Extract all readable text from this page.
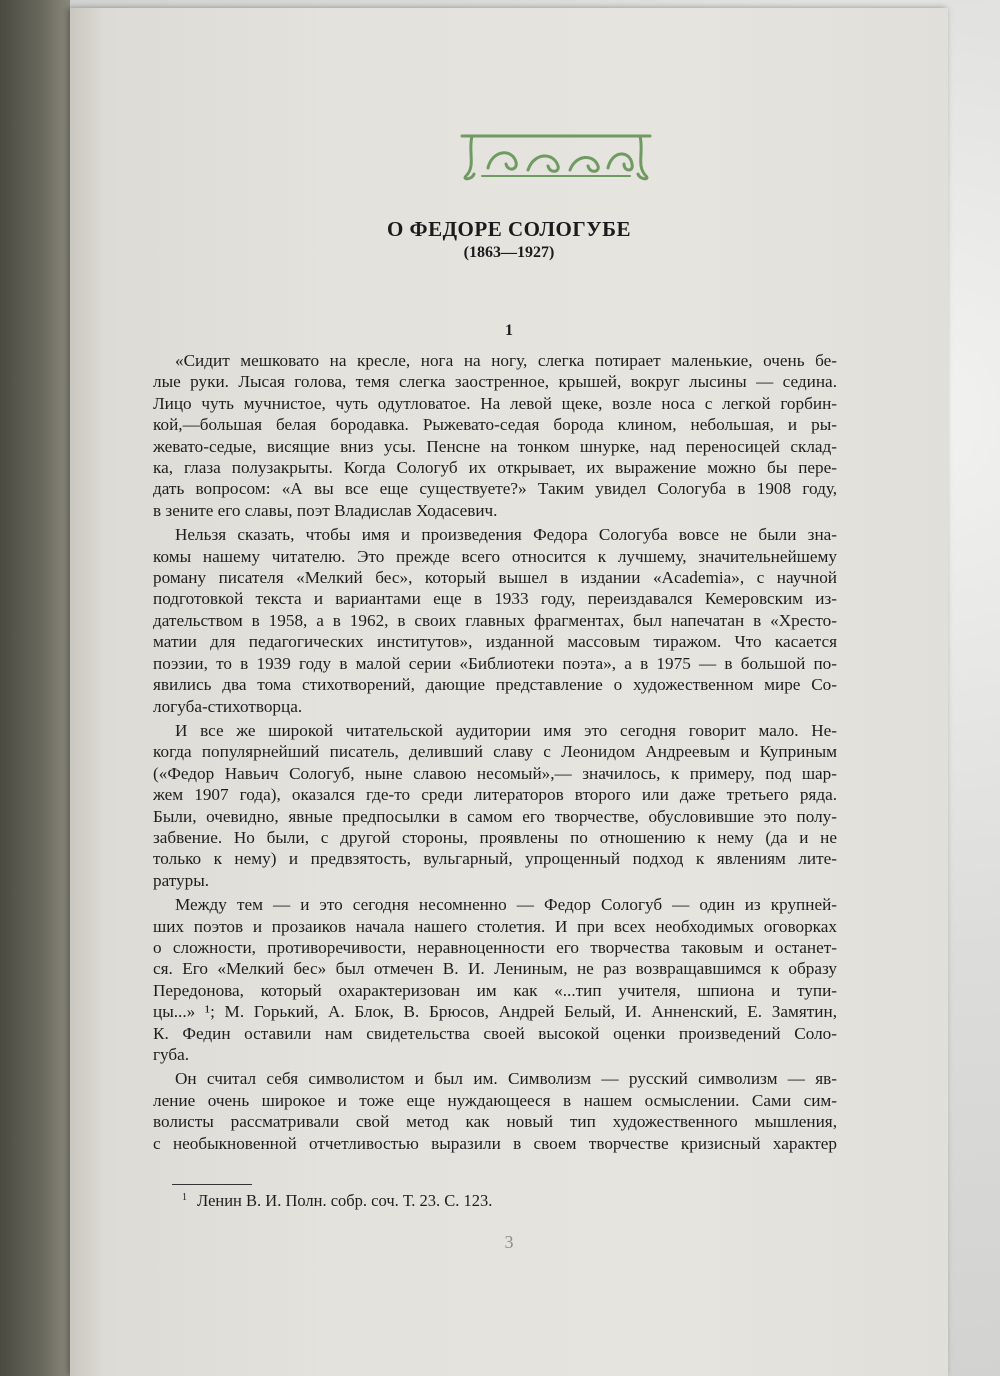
О ФЕДОРЕ СОЛОГУБЕ
(1863—1927)
1
«Сидит мешковато на кресле, нога на ногу, слегка потирает маленькие, очень бе-
лые руки. Лысая голова, темя слегка заостренное, крышей, вокруг лысины — седина.
Лицо чуть мучнистое, чуть одутловатое. На левой щеке, возле носа с легкой горбин-
кой,—большая белая бородавка. Рыжевато-седая борода клином, небольшая, и ры-
жевато-седые, висящие вниз усы. Пенсне на тонком шнурке, над переносицей склад-
ка, глаза полузакрыты. Когда Сологуб их открывает, их выражение можно бы пере-
дать вопросом: «А вы все еще существуете?» Таким увидел Сологуба в 1908 году,
в зените его славы, поэт Владислав Ходасевич.
Нельзя сказать, чтобы имя и произведения Федора Сологуба вовсе не были зна-
комы нашему читателю. Это прежде всего относится к лучшему, значительнейшему
роману писателя «Мелкий бес», который вышел в издании «Academia», с научной
подготовкой текста и вариантами еще в 1933 году, переиздавался Кемеровским из-
дательством в 1958, а в 1962, в своих главных фрагментах, был напечатан в «Хресто-
матии для педагогических институтов», изданной массовым тиражом. Что касается
поэзии, то в 1939 году в малой серии «Библиотеки поэта», а в 1975 — в большой по-
явились два тома стихотворений, дающие представление о художественном мире Со-
логуба-стихотворца.
И все же широкой читательской аудитории имя это сегодня говорит мало. Не-
когда популярнейший писатель, деливший славу с Леонидом Андреевым и Куприным
(«Федор Навьич Сологуб, ныне славою несомый»,— значилось, к примеру, под шар-
жем 1907 года), оказался где-то среди литераторов второго или даже третьего ряда.
Были, очевидно, явные предпосылки в самом его творчестве, обусловившие это полу-
забвение. Но были, с другой стороны, проявлены по отношению к нему (да и не
только к нему) и предвзятость, вульгарный, упрощенный подход к явлениям лите-
ратуры.
Между тем — и это сегодня несомненно — Федор Сологуб — один из крупней-
ших поэтов и прозаиков начала нашего столетия. И при всех необходимых оговорках
о сложности, противоречивости, неравноценности его творчества таковым и останет-
ся. Его «Мелкий бес» был отмечен В. И. Лениным, не раз возвращавшимся к образу
Передонова, который охарактеризован им как «...тип учителя, шпиона и тупи-
цы...» ¹; М. Горький, А. Блок, В. Брюсов, Андрей Белый, И. Анненский, Е. Замятин,
К. Федин оставили нам свидетельства своей высокой оценки произведений Соло-
губа.
Он считал себя символистом и был им. Символизм — русский символизм — яв-
ление очень широкое и тоже еще нуждающееся в нашем осмыслении. Сами сим-
волисты рассматривали свой метод как новый тип художественного мышления,
с необыкновенной отчетливостью выразили в своем творчестве кризисный характер
$^1$ Ленин В. И. Полн. собр. соч. Т. 23. С. 123.
3
